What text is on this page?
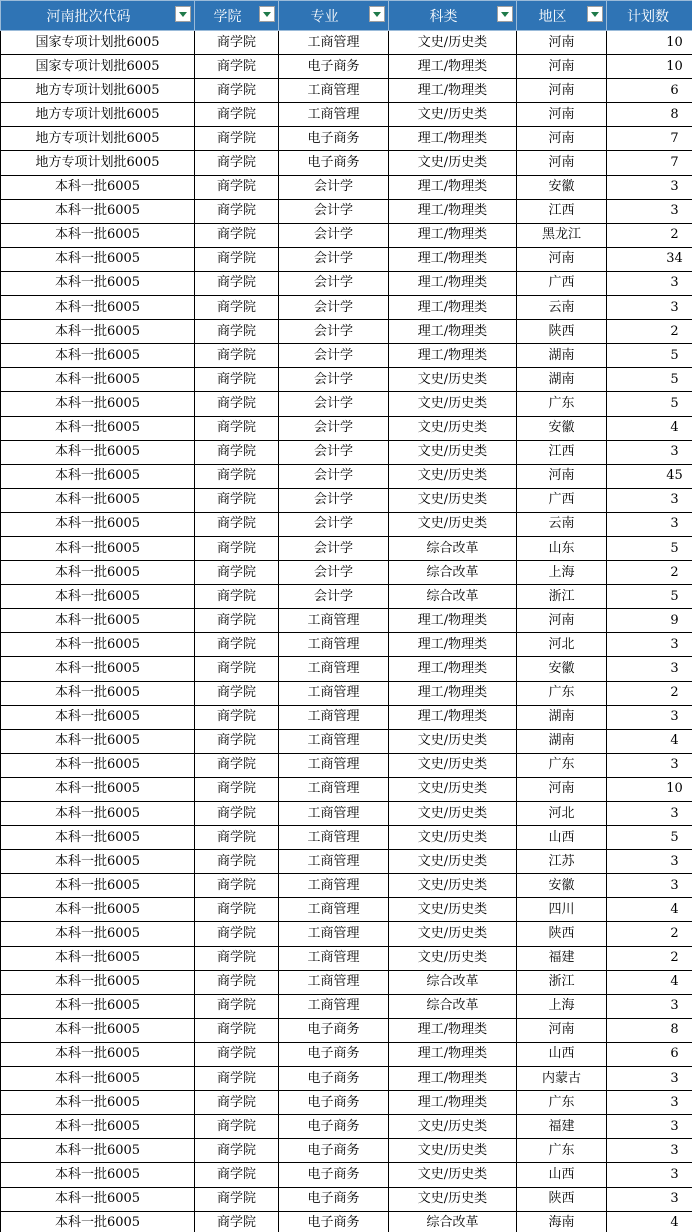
河南批次代码	学院	专业	科类	地区	计划数
国家专项计划批6005	商学院	工商管理	文史/历史类	河南	10
国家专项计划批6005	商学院	电子商务	理工/物理类	河南	10
地方专项计划批6005	商学院	工商管理	理工/物理类	河南	6
地方专项计划批6005	商学院	工商管理	文史/历史类	河南	8
地方专项计划批6005	商学院	电子商务	理工/物理类	河南	7
地方专项计划批6005	商学院	电子商务	文史/历史类	河南	7
本科一批6005	商学院	会计学	理工/物理类	安徽	3
本科一批6005	商学院	会计学	理工/物理类	江西	3
本科一批6005	商学院	会计学	理工/物理类	黑龙江	2
本科一批6005	商学院	会计学	理工/物理类	河南	34
本科一批6005	商学院	会计学	理工/物理类	广西	3
本科一批6005	商学院	会计学	理工/物理类	云南	3
本科一批6005	商学院	会计学	理工/物理类	陕西	2
本科一批6005	商学院	会计学	理工/物理类	湖南	5
本科一批6005	商学院	会计学	文史/历史类	湖南	5
本科一批6005	商学院	会计学	文史/历史类	广东	5
本科一批6005	商学院	会计学	文史/历史类	安徽	4
本科一批6005	商学院	会计学	文史/历史类	江西	3
本科一批6005	商学院	会计学	文史/历史类	河南	45
本科一批6005	商学院	会计学	文史/历史类	广西	3
本科一批6005	商学院	会计学	文史/历史类	云南	3
本科一批6005	商学院	会计学	综合改革	山东	5
本科一批6005	商学院	会计学	综合改革	上海	2
本科一批6005	商学院	会计学	综合改革	浙江	5
本科一批6005	商学院	工商管理	理工/物理类	河南	9
本科一批6005	商学院	工商管理	理工/物理类	河北	3
本科一批6005	商学院	工商管理	理工/物理类	安徽	3
本科一批6005	商学院	工商管理	理工/物理类	广东	2
本科一批6005	商学院	工商管理	理工/物理类	湖南	3
本科一批6005	商学院	工商管理	文史/历史类	湖南	4
本科一批6005	商学院	工商管理	文史/历史类	广东	3
本科一批6005	商学院	工商管理	文史/历史类	河南	10
本科一批6005	商学院	工商管理	文史/历史类	河北	3
本科一批6005	商学院	工商管理	文史/历史类	山西	5
本科一批6005	商学院	工商管理	文史/历史类	江苏	3
本科一批6005	商学院	工商管理	文史/历史类	安徽	3
本科一批6005	商学院	工商管理	文史/历史类	四川	4
本科一批6005	商学院	工商管理	文史/历史类	陕西	2
本科一批6005	商学院	工商管理	文史/历史类	福建	2
本科一批6005	商学院	工商管理	综合改革	浙江	4
本科一批6005	商学院	工商管理	综合改革	上海	3
本科一批6005	商学院	电子商务	理工/物理类	河南	8
本科一批6005	商学院	电子商务	理工/物理类	山西	6
本科一批6005	商学院	电子商务	理工/物理类	内蒙古	3
本科一批6005	商学院	电子商务	理工/物理类	广东	3
本科一批6005	商学院	电子商务	文史/历史类	福建	3
本科一批6005	商学院	电子商务	文史/历史类	广东	3
本科一批6005	商学院	电子商务	文史/历史类	山西	3
本科一批6005	商学院	电子商务	文史/历史类	陕西	3
本科一批6005	商学院	电子商务	综合改革	海南	4
